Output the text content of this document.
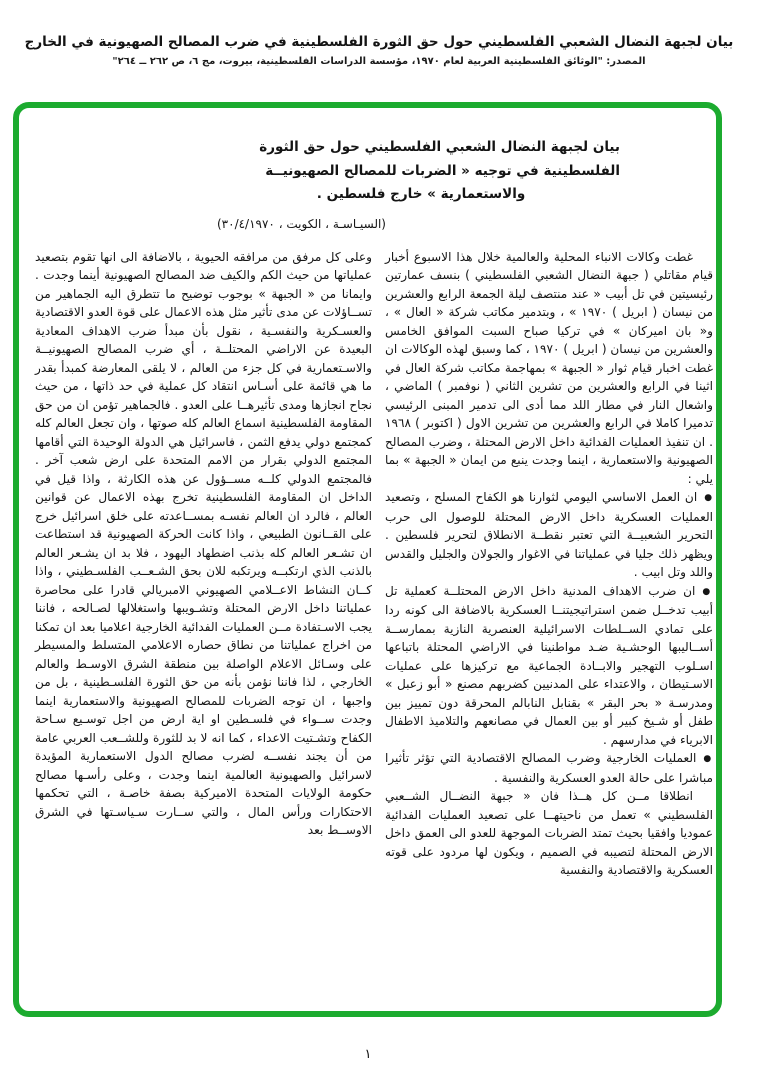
بيان لجبهة النضال الشعبي الفلسطيني حول حق الثورة الفلسطينية في ضرب المصالح الصهيونية في الخارج
المصدر: "الوثائق الفلسطينية العربية لعام ١٩٧٠، مؤسسة الدراسات الفلسطينية، بيروت، مج ٦، ص ٢٦٢ ــ ٢٦٤"
بيان لجبهة النضال الشعبي الفلسطيني حول حق الثورة
الفلسطينية في توجيه « الضربات للمصالح الصهيونيــة
والاستعمارية » خارج فلسطين .
(السيـاسـة ، الكويت ، ٣٠/٤/١٩٧٠)

غطت وكالات الانباء المحلية والعالمية خلال هذا الاسبوع أخبار قيام مقاتلي ( جبهة النضال الشعبي الفلسطيني ) بنسف عمارتين رئيسيتين في تل أبيب « عند منتصف ليلة الجمعة الرابع والعشرين من نيسان ( ابريل ) ١٩٧٠ » ، وبتدمير مكاتب شركة « العال » ، و« بان اميركان » في تركيا صباح السبت الموافق الخامس والعشرين من نيسان ( ابريل ) ١٩٧٠ ، كما وسبق لهذه الوكالات ان غطت اخبار قيام ثوار « الجبهة » بمهاجمة مكاتب شركة العال في اثينا في الرابع والعشرين من تشرين الثاني ( نوفمبر ) الماضي ، واشعال النار في مطار اللد مما أدى الى تدمير المبنى الرئيسي تدميرا كاملا في الرابع والعشرين من تشرين الاول ( اكتوبر ) ١٩٦٨ . ان تنفيذ العمليات الفدائية داخل الارض المحتلة ، وضرب المصالح الصهيونية والاستعمارية ، اينما وجدت ينبع من ايمان « الجبهة » بما يلي :

●ان العمل الاساسي اليومي لثوارنا هو الكفاح المسلح ، وتصعيد العمليات العسكرية داخل الارض المحتلة للوصول الى حرب التحرير الشعبيــة التي تعتبر نقطــة الانطلاق لتحرير فلسطين . ويظهر ذلك جليا في عملياتنا في الاغوار والجولان والجليل والقدس واللد وتل ابيب .

●ان ضرب الاهداف المدنية داخل الارض المحتلــة كعملية تل أبيب تدخــل ضمن استراتيجيتنــا العسكرية بالاضافة الى كونه ردا على تمادي الســلطات الاسرائيلية العنصرية النازية بممارســة أســاليبها الوحشـية ضـد مواطنينا في الاراضي المحتلة باتباعها اسـلوب التهجير والابــادة الجماعية مع تركيزها على عمليات الاسـتيطان ، والاعتداء على المدنيين كضربهم مصنع « أبو زعبل » ومدرسـة « بحر البقر » بقنابل النابالم المحرقة دون تمييز بين طفل أو شـيخ كبير أو بين العمال في مصانعهم والتلاميذ الاطفال الابرياء في مدارسهم .

●العمليات الخارجية وضرب المصالح الاقتصادية التي تؤثر تأثيرا مباشرا على حالة العدو العسكرية والنفسية .

انطلاقا مــن كل هــذا فان « جبهة النضــال الشــعبي الفلسطيني » تعمل من ناحيتهــا على تصعيد العمليات الفدائية عموديا وافقيا بحيث تمتد الضربات الموجهة للعدو الى العمق داخل الارض المحتلة لتصيبه في الصميم ، ويكون لها مردود على قوته العسكرية والاقتصادية والنفسية

وعلى كل مرفق من مرافقه الحيوية ، بالاضافة الى انها تقوم بتصعيد عملياتها من حيث الكم والكيف ضد المصالح الصهيونية أينما وجدت . وايمانا من « الجبهة » بوجوب توضيح ما تتطرق اليه الجماهير من تســاؤلات عن مدى تأثير مثل هذه الاعمال على قوة العدو الاقتصادية والعسـكرية والنفسـية ، نقول بأن مبدأ ضرب الاهداف المعادية البعيدة عن الاراضي المحتلــة ، أي ضرب المصالح الصهيونيــة والاسـتعمارية في كل جزء من العالم ، لا يلقى المعارضة كمبدأ بقدر ما هي قائمة على أسـاس انتقاد كل عملية في حد ذاتها ، من حيث نجاح انجازها ومدى تأثيرهــا على العدو . فالجماهير تؤمن ان من حق المقاومة الفلسطينية اسماع العالم كله صوتها ، وان تجعل العالم كله كمجتمع دولي يدفع الثمن ، فاسرائيل هي الدولة الوحيدة التي أقامها المجتمع الدولي بقرار من الامم المتحدة على ارض شعب آخر . فالمجتمع الدولي كلــه مســؤول عن هذه الكارثة ، واذا قيل في الداخل ان المقاومة الفلسطينية تخرج بهذه الاعمال عن قوانين العالم ، فالرد ان العالم نفسـه بمســاعدته على خلق اسرائيل خرج على القــانون الطبيعي ، واذا كانت الحركة الصهيونية قد استطاعت ان تشـعر العالم كله بذنب اضطهاد اليهود ، فلا بد ان يشـعر العالم بالذنب الذي ارتكبــه ويرتكبه للان بحق الشـعــب الفلسـطيني ، واذا كــان النشاط الاعــلامي الصهيوني الامبريالي قادرا على محاصرة عملياتنا داخل الارض المحتلة وتشـويبها واستغلالها لصـالحه ، فاننا يجب الاسـتفادة مــن العمليات الفدائية الخارجية اعلاميا بعد ان تمكنا من اخراج عملياتنا من نطاق حصاره الاعلامي المتسلط والمسيطر على وسـائل الاعلام الواصلة بين منطقة الشرق الاوسـط والعالم الخارجي ، لذا فاننا نؤمن بأنه من حق الثورة الفلسـطينية ، بل من واجبها ، ان توجه الضربات للمصالح الصهيونية والاستعمارية اينما وجدت ســواء في فلسـطين او اية ارض من اجل توسـيع سـاحة الكفاح وتشـتيت الاعداء ، كما انه لا بد للثورة وللشــعب العربي عامة من أن يجند نفســه لضرب مصالح الدول الاستعمارية المؤيدة لاسرائيل والصهيونية العالمية اينما وجدت ، وعلى رأسـها مصالح حكومة الولايات المتحدة الاميركية بصفة خاصـة ، التي تحكمها الاحتكارات ورأس المال ، والتي ســارت سـياسـتها في الشرق الاوســط بعد

١
